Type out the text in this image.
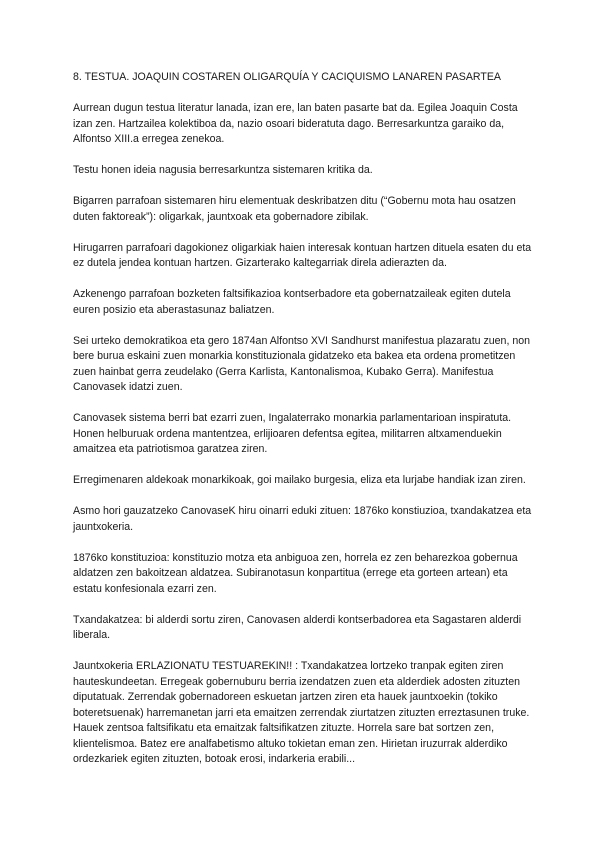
8. TESTUA. JOAQUIN COSTAREN OLIGARQUÍA Y CACIQUISMO LANAREN PASARTEA
Aurrean dugun testua literatur lanada, izan ere, lan baten pasarte bat da. Egilea Joaquin Costa izan zen. Hartzailea kolektiboa da, nazio osoari bideratuta dago. Berresarkuntza garaiko da, Alfontso XIII.a erregea zenekoa.
Testu honen ideia nagusia berresarkuntza sistemaren kritika da.
Bigarren parrafoan sistemaren hiru elementuak deskribatzen ditu (“Gobernu mota hau osatzen duten faktoreak”): oligarkak, jauntxoak eta gobernadore zibilak.
Hirugarren parrafoari dagokionez oligarkiak haien interesak kontuan hartzen dituela esaten du eta ez dutela jendea kontuan hartzen. Gizarterako kaltegarriak direla adierazten da.
Azkenengo parrafoan bozketen faltsifikazioa kontserbadore eta gobernatzaileak egiten dutela euren posizio eta aberastasunaz baliatzen.
Sei urteko demokratikoa eta gero 1874an Alfontso XVI Sandhurst manifestua plazaratu zuen, non bere burua eskaini zuen monarkia konstituzionala gidatzeko eta bakea eta ordena prometitzen zuen hainbat gerra zeudelako (Gerra Karlista, Kantonalismoa, Kubako Gerra). Manifestua Canovasek idatzi zuen.
Canovasek sistema berri bat ezarri zuen, Ingalaterrako monarkia parlamentarioan inspiratuta. Honen helburuak ordena mantentzea, erlijioaren defentsa egitea, militarren altxamenduekin amaitzea eta patriotismoa garatzea ziren.
Erregimenaren aldekoak monarkikoak, goi mailako burgesia, eliza eta lurjabe handiak izan ziren.
Asmo hori gauzatzeko CanovaseK hiru oinarri eduki zituen: 1876ko konstiuzioa, txandakatzea eta jauntxokeria.
1876ko konstituzioa: konstituzio motza eta anbiguoa zen, horrela ez zen beharezkoa gobernua aldatzen zen bakoitzean aldatzea. Subiranotasun konpartitua (errege eta gorteen artean) eta estatu konfesionala ezarri zen.
Txandakatzea: bi alderdi sortu ziren, Canovasen alderdi kontserbadorea eta Sagastaren alderdi liberala.
Jauntxokeria ERLAZIONATU TESTUAREKIN!! : Txandakatzea lortzeko tranpak egiten ziren hauteskundeetan. Erregeak gobernuburu berria izendatzen zuen eta alderdiek adosten zituzten diputatuak. Zerrendak gobernadoreen eskuetan jartzen ziren eta hauek jauntxoekin (tokiko boteretsuenak) harremanetan jarri eta emaitzen zerrendak ziurtatzen zituzten erreztasunen truke. Hauek zentsoa faltsifikatu eta emaitzak faltsifikatzen zituzte. Horrela sare bat sortzen zen, klientelismoa. Batez ere analfabetismo altuko tokietan eman zen. Hirietan iruzurrak alderdiko ordezkariek egiten zituzten, botoak erosi, indarkeria erabili...
